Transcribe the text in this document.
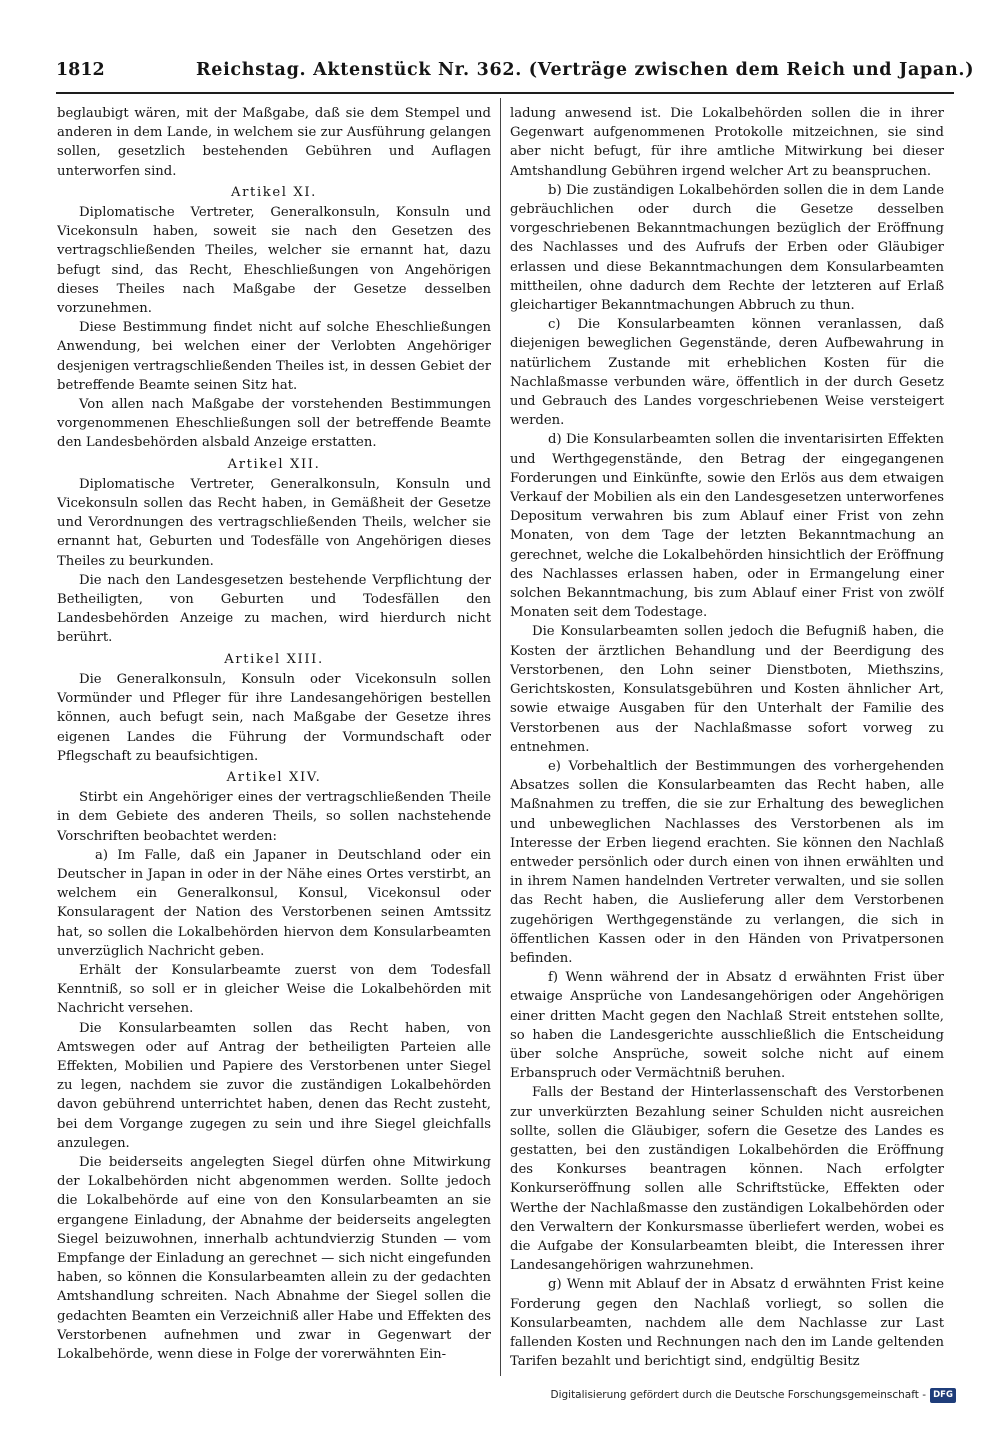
1812	Reichstag. Aktenstück Nr. 362. (Verträge zwischen dem Reich und Japan.)

beglaubigt wären, mit der Maßgabe, daß sie dem Stempel und anderen in dem Lande, in welchem sie zur Ausführung gelangen sollen, gesetzlich bestehenden Gebühren und Auflagen unterworfen sind.

Artikel XI.

Diplomatische Vertreter, Generalkonsuln, Konsuln und Vicekonsuln haben, soweit sie nach den Gesetzen des vertragschließenden Theiles, welcher sie ernannt hat, dazu befugt sind, das Recht, Eheschließungen von Angehörigen dieses Theiles nach Maßgabe der Gesetze desselben vorzunehmen.

Diese Bestimmung findet nicht auf solche Eheschließungen Anwendung, bei welchen einer der Verlobten Angehöriger desjenigen vertragschließenden Theiles ist, in dessen Gebiet der betreffende Beamte seinen Sitz hat.

Von allen nach Maßgabe der vorstehenden Bestimmungen vorgenommenen Eheschließungen soll der betreffende Beamte den Landesbehörden alsbald Anzeige erstatten.

Artikel XII.

Diplomatische Vertreter, Generalkonsuln, Konsuln und Vicekonsuln sollen das Recht haben, in Gemäßheit der Gesetze und Verordnungen des vertragschließenden Theils, welcher sie ernannt hat, Geburten und Todesfälle von Angehörigen dieses Theiles zu beurkunden.

Die nach den Landesgesetzen bestehende Verpflichtung der Betheiligten, von Geburten und Todesfällen den Landesbehörden Anzeige zu machen, wird hierdurch nicht berührt.

Artikel XIII.

Die Generalkonsuln, Konsuln oder Vicekonsuln sollen Vormünder und Pfleger für ihre Landesangehörigen bestellen können, auch befugt sein, nach Maßgabe der Gesetze ihres eigenen Landes die Führung der Vormundschaft oder Pflegschaft zu beaufsichtigen.

Artikel XIV.

Stirbt ein Angehöriger eines der vertragschließenden Theile in dem Gebiete des anderen Theils, so sollen nachstehende Vorschriften beobachtet werden:

a) Im Falle, daß ein Japaner in Deutschland oder ein Deutscher in Japan in oder in der Nähe eines Ortes verstirbt, an welchem ein Generalkonsul, Konsul, Vicekonsul oder Konsularagent der Nation des Verstorbenen seinen Amtssitz hat, so sollen die Lokalbehörden hiervon dem Konsularbeamten unverzüglich Nachricht geben.

Erhält der Konsularbeamte zuerst von dem Todesfall Kenntniß, so soll er in gleicher Weise die Lokalbehörden mit Nachricht versehen.

Die Konsularbeamten sollen das Recht haben, von Amtswegen oder auf Antrag der betheiligten Parteien alle Effekten, Mobilien und Papiere des Verstorbenen unter Siegel zu legen, nachdem sie zuvor die zuständigen Lokalbehörden davon gebührend unterrichtet haben, denen das Recht zusteht, bei dem Vorgange zugegen zu sein und ihre Siegel gleichfalls anzulegen.

Die beiderseits angelegten Siegel dürfen ohne Mitwirkung der Lokalbehörden nicht abgenommen werden. Sollte jedoch die Lokalbehörde auf eine von den Konsularbeamten an sie ergangene Einladung, der Abnahme der beiderseits angelegten Siegel beizuwohnen, innerhalb achtundvierzig Stunden — vom Empfange der Einladung an gerechnet — sich nicht eingefunden haben, so können die Konsularbeamten allein zu der gedachten Amtshandlung schreiten. Nach Abnahme der Siegel sollen die gedachten Beamten ein Verzeichniß aller Habe und Effekten des Verstorbenen aufnehmen und zwar in Gegenwart der Lokalbehörde, wenn diese in Folge der vorerwähnten Ein-

ladung anwesend ist. Die Lokalbehörden sollen die in ihrer Gegenwart aufgenommenen Protokolle mitzeichnen, sie sind aber nicht befugt, für ihre amtliche Mitwirkung bei dieser Amtshandlung Gebühren irgend welcher Art zu beanspruchen.

b) Die zuständigen Lokalbehörden sollen die in dem Lande gebräuchlichen oder durch die Gesetze desselben vorgeschriebenen Bekanntmachungen bezüglich der Eröffnung des Nachlasses und des Aufrufs der Erben oder Gläubiger erlassen und diese Bekanntmachungen dem Konsularbeamten mittheilen, ohne dadurch dem Rechte der letzteren auf Erlaß gleichartiger Bekanntmachungen Abbruch zu thun.

c) Die Konsularbeamten können veranlassen, daß diejenigen beweglichen Gegenstände, deren Aufbewahrung in natürlichem Zustande mit erheblichen Kosten für die Nachlaßmasse verbunden wäre, öffentlich in der durch Gesetz und Gebrauch des Landes vorgeschriebenen Weise versteigert werden.

d) Die Konsularbeamten sollen die inventarisirten Effekten und Werthgegenstände, den Betrag der eingegangenen Forderungen und Einkünfte, sowie den Erlös aus dem etwaigen Verkauf der Mobilien als ein den Landesgesetzen unterworfenes Depositum verwahren bis zum Ablauf einer Frist von zehn Monaten, von dem Tage der letzten Bekanntmachung an gerechnet, welche die Lokalbehörden hinsichtlich der Eröffnung des Nachlasses erlassen haben, oder in Ermangelung einer solchen Bekanntmachung, bis zum Ablauf einer Frist von zwölf Monaten seit dem Todestage.

Die Konsularbeamten sollen jedoch die Befugniß haben, die Kosten der ärztlichen Behandlung und der Beerdigung des Verstorbenen, den Lohn seiner Dienstboten, Miethszins, Gerichtskosten, Konsulatsgebühren und Kosten ähnlicher Art, sowie etwaige Ausgaben für den Unterhalt der Familie des Verstorbenen aus der Nachlaßmasse sofort vorweg zu entnehmen.

e) Vorbehaltlich der Bestimmungen des vorhergehenden Absatzes sollen die Konsularbeamten das Recht haben, alle Maßnahmen zu treffen, die sie zur Erhaltung des beweglichen und unbeweglichen Nachlasses des Verstorbenen als im Interesse der Erben liegend erachten. Sie können den Nachlaß entweder persönlich oder durch einen von ihnen erwählten und in ihrem Namen handelnden Vertreter verwalten, und sie sollen das Recht haben, die Auslieferung aller dem Verstorbenen zugehörigen Werthgegenstände zu verlangen, die sich in öffentlichen Kassen oder in den Händen von Privatpersonen befinden.

f) Wenn während der in Absatz d erwähnten Frist über etwaige Ansprüche von Landesangehörigen oder Angehörigen einer dritten Macht gegen den Nachlaß Streit entstehen sollte, so haben die Landesgerichte ausschließlich die Entscheidung über solche Ansprüche, soweit solche nicht auf einem Erbanspruch oder Vermächtniß beruhen.

Falls der Bestand der Hinterlassenschaft des Verstorbenen zur unverkürzten Bezahlung seiner Schulden nicht ausreichen sollte, sollen die Gläubiger, sofern die Gesetze des Landes es gestatten, bei den zuständigen Lokalbehörden die Eröffnung des Konkurses beantragen können. Nach erfolgter Konkurseröffnung sollen alle Schriftstücke, Effekten oder Werthe der Nachlaßmasse den zuständigen Lokalbehörden oder den Verwaltern der Konkursmasse überliefert werden, wobei es die Aufgabe der Konsularbeamten bleibt, die Interessen ihrer Landesangehörigen wahrzunehmen.

g) Wenn mit Ablauf der in Absatz d erwähnten Frist keine Forderung gegen den Nachlaß vorliegt, so sollen die Konsularbeamten, nachdem alle dem Nachlasse zur Last fallenden Kosten und Rechnungen nach den im Lande geltenden Tarifen bezahlt und berichtigt sind, endgültig Besitz

Digitalisierung gefördert durch die Deutsche Forschungsgemeinschaft - DFG
